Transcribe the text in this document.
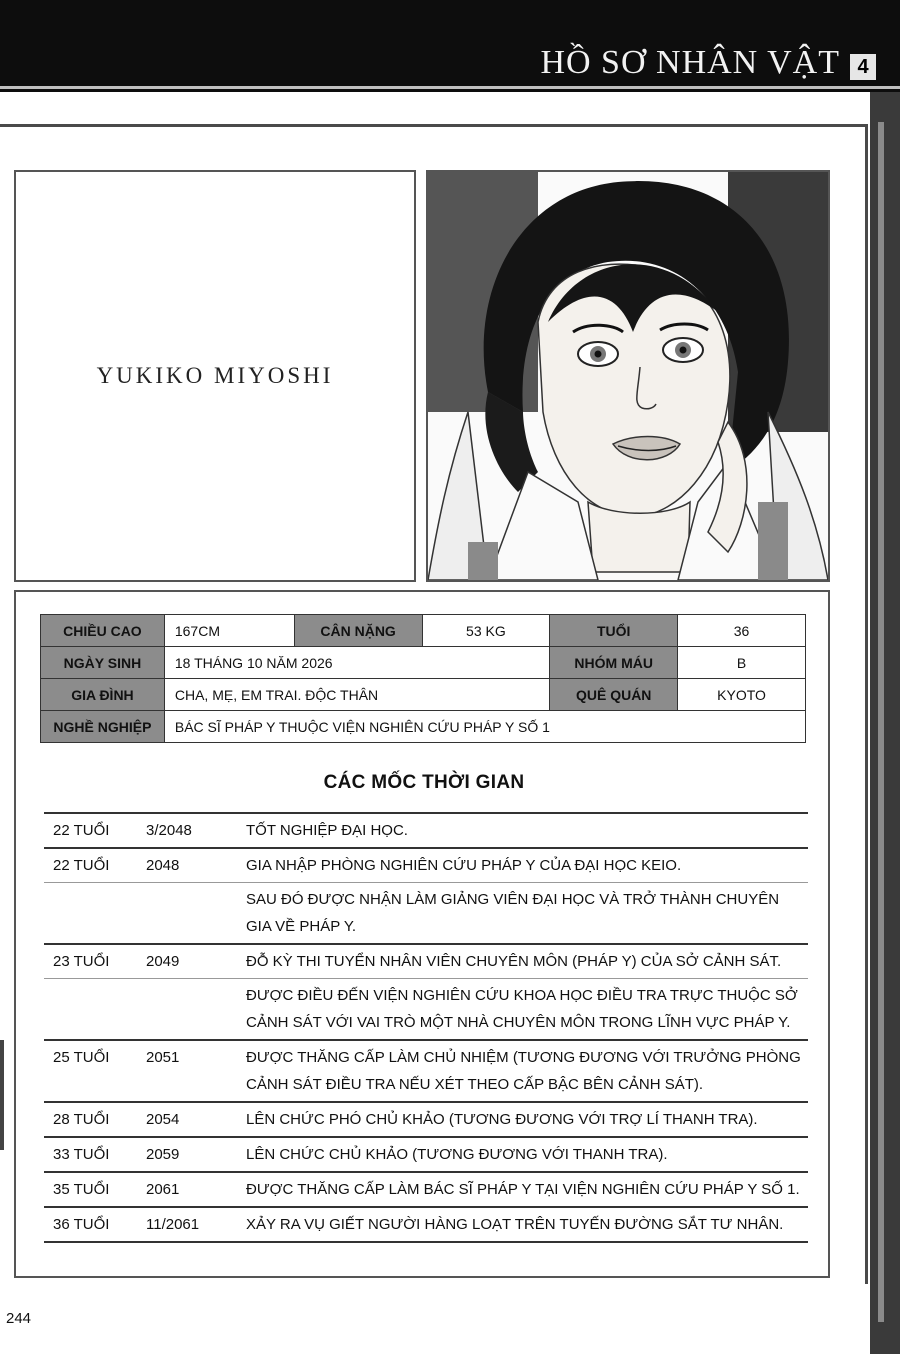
HỒ SƠ NHÂN VẬT 4
YUKIKO MIYOSHI
CHIỀU CAO	167CM	CÂN NẶNG	53 KG	TUỔI	36
NGÀY SINH	18 THÁNG 10 NĂM 2026			NHÓM MÁU	B
GIA ĐÌNH	CHA, MẸ, EM TRAI. ĐỘC THÂN			QUÊ QUÁN	KYOTO
NGHỀ NGHIỆP	BÁC SĨ PHÁP Y THUỘC VIỆN NGHIÊN CỨU PHÁP Y SỐ 1				
CÁC MỐC THỜI GIAN
22 TUỔI	3/2048	TỐT NGHIỆP ĐẠI HỌC.
22 TUỔI	2048	GIA NHẬP PHÒNG NGHIÊN CỨU PHÁP Y CỦA ĐẠI HỌC KEIO.
SAU ĐÓ ĐƯỢC NHẬN LÀM GIẢNG VIÊN ĐẠI HỌC VÀ TRỞ THÀNH CHUYÊN GIA VỀ PHÁP Y.
23 TUỔI	2049	ĐỖ KỲ THI TUYỂN NHÂN VIÊN CHUYÊN MÔN (PHÁP Y) CỦA SỞ CẢNH SÁT.
ĐƯỢC ĐIỀU ĐẾN VIỆN NGHIÊN CỨU KHOA HỌC ĐIỀU TRA TRỰC THUỘC SỞ CẢNH SÁT VỚI VAI TRÒ MỘT NHÀ CHUYÊN MÔN TRONG LĨNH VỰC PHÁP Y.
25 TUỔI	2051	ĐƯỢC THĂNG CẤP LÀM CHỦ NHIỆM (TƯƠNG ĐƯƠNG VỚI TRƯỞNG PHÒNG CẢNH SÁT ĐIỀU TRA NẾU XÉT THEO CẤP BẬC BÊN CẢNH SÁT).
28 TUỔI	2054	LÊN CHỨC PHÓ CHỦ KHẢO (TƯƠNG ĐƯƠNG VỚI TRỢ LÍ THANH TRA).
33 TUỔI	2059	LÊN CHỨC CHỦ KHẢO (TƯƠNG ĐƯƠNG VỚI THANH TRA).
35 TUỔI	2061	ĐƯỢC THĂNG CẤP LÀM BÁC SĨ PHÁP Y TẠI VIỆN NGHIÊN CỨU PHÁP Y SỐ 1.
36 TUỔI	11/2061	XẢY RA VỤ GIẾT NGƯỜI HÀNG LOẠT TRÊN TUYẾN ĐƯỜNG SẮT TƯ NHÂN.
244
